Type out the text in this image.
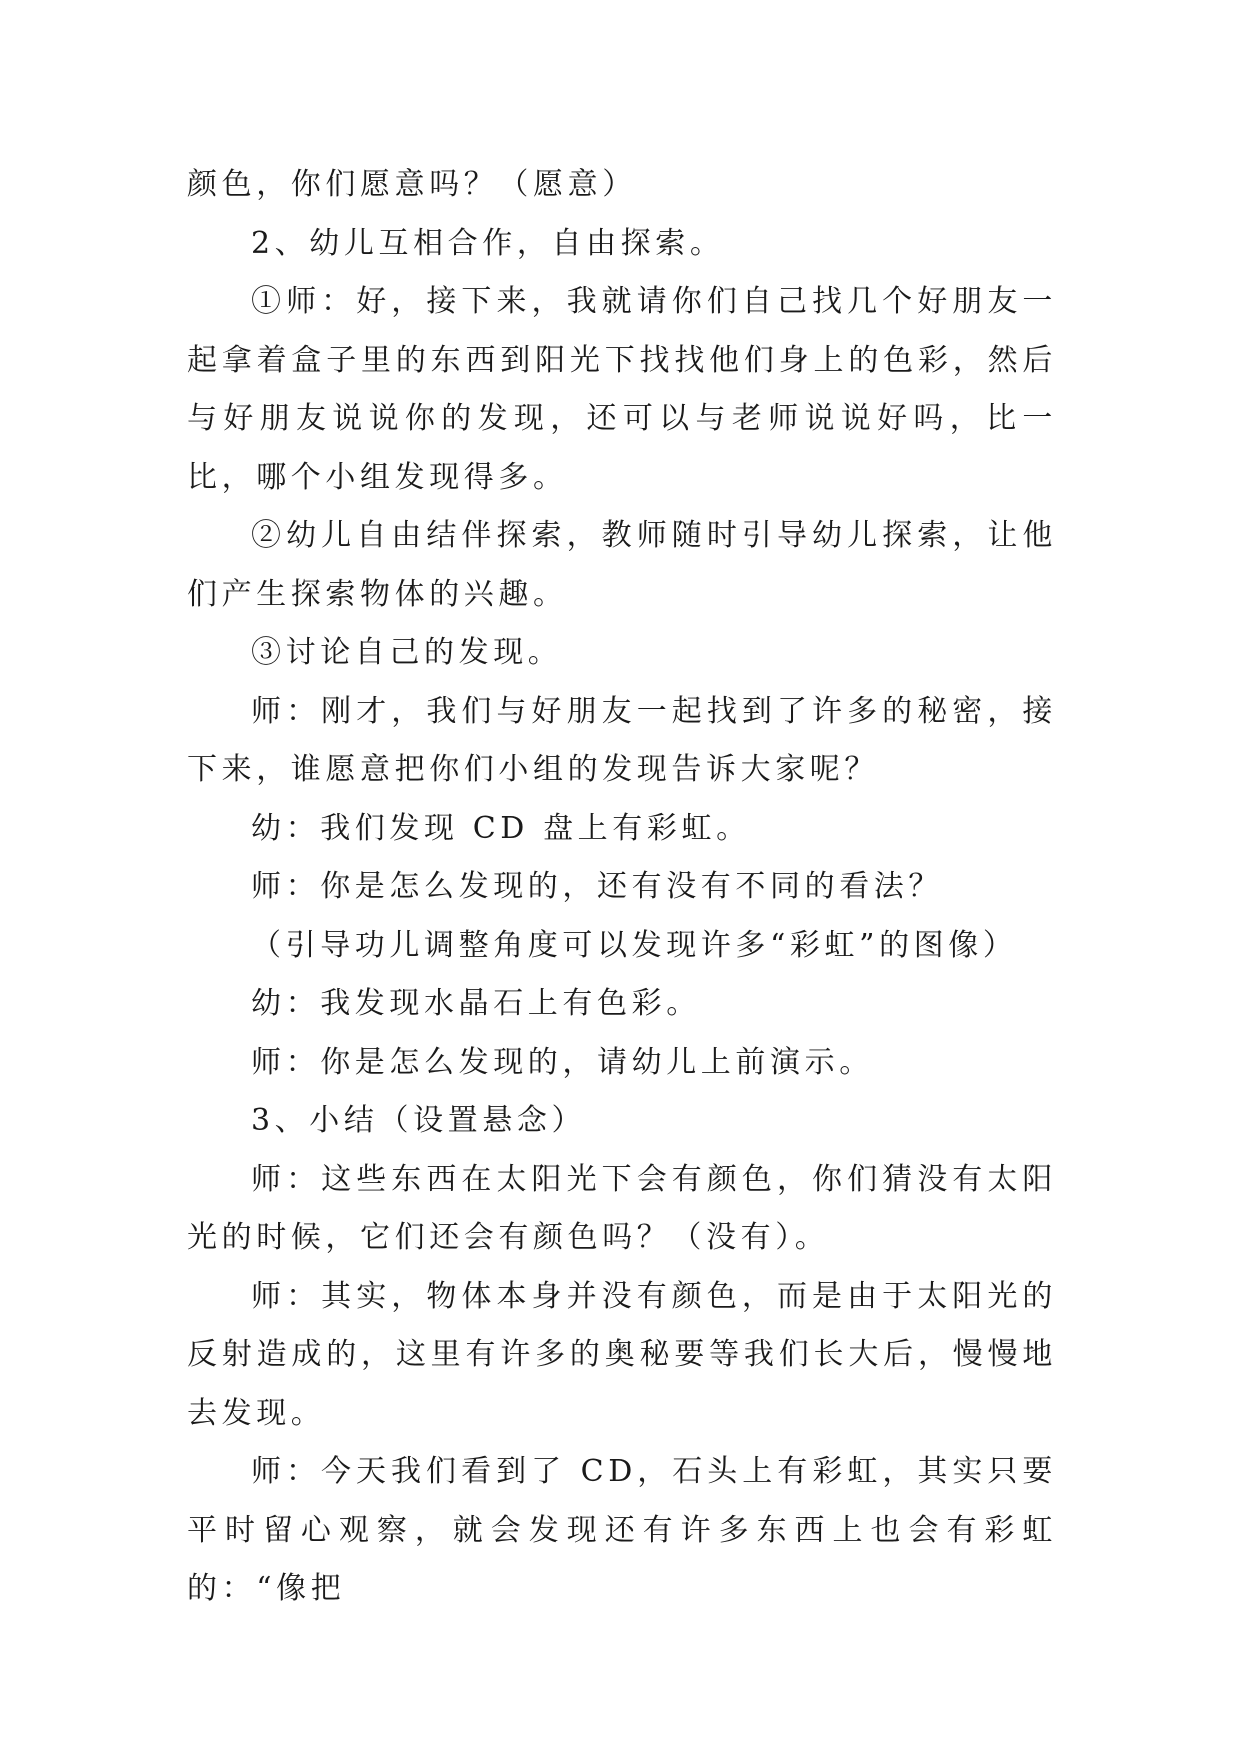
颜色，你们愿意吗？（愿意）

2、幼儿互相合作，自由探索。

①师：好，接下来，我就请你们自己找几个好朋友一起拿着盒子里的东西到阳光下找找他们身上的色彩，然后与好朋友说说你的发现，还可以与老师说说好吗，比一比，哪个小组发现得多。

②幼儿自由结伴探索，教师随时引导幼儿探索，让他们产生探索物体的兴趣。

③讨论自己的发现。

师：刚才，我们与好朋友一起找到了许多的秘密，接下来，谁愿意把你们小组的发现告诉大家呢？

幼：我们发现 CD 盘上有彩虹。

师：你是怎么发现的，还有没有不同的看法？

（引导功儿调整角度可以发现许多“彩虹”的图像）

幼：我发现水晶石上有色彩。

师：你是怎么发现的，请幼儿上前演示。

3、小结（设置悬念）

师：这些东西在太阳光下会有颜色，你们猜没有太阳光的时候，它们还会有颜色吗？（没有）。

师：其实，物体本身并没有颜色，而是由于太阳光的反射造成的，这里有许多的奥秘要等我们长大后，慢慢地去发现。

师：今天我们看到了 CD，石头上有彩虹，其实只要平时留心观察，就会发现还有许多东西上也会有彩虹的：“像把
